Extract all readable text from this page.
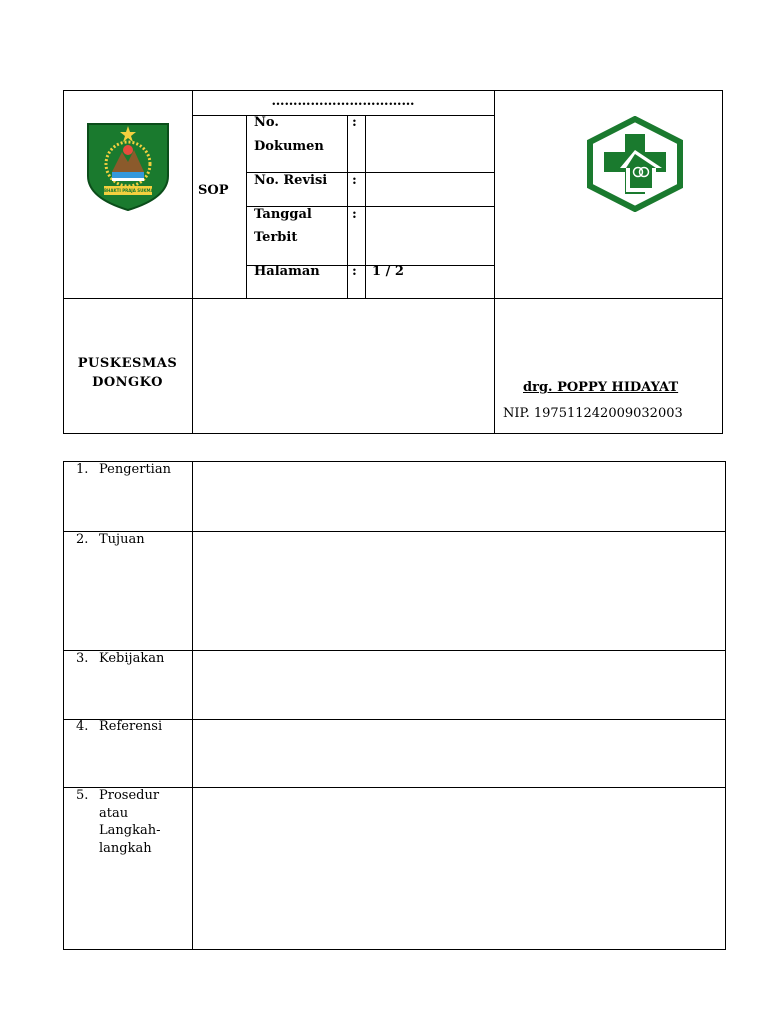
……………………………
SOP
No.
Dokumen
:
No. Revisi :
Tanggal
Terbit
:
Halaman : 1 / 2
BHAKTI PRAJA SUKMA
PUSKESMAS
DONGKO	drg. POPPY HIDAYAT
NIP. 197511242009032003
1. Pengertian
2. Tujuan
3. Kebijakan
4. Referensi
5. Prosedur
atau
Langkah-
langkah
